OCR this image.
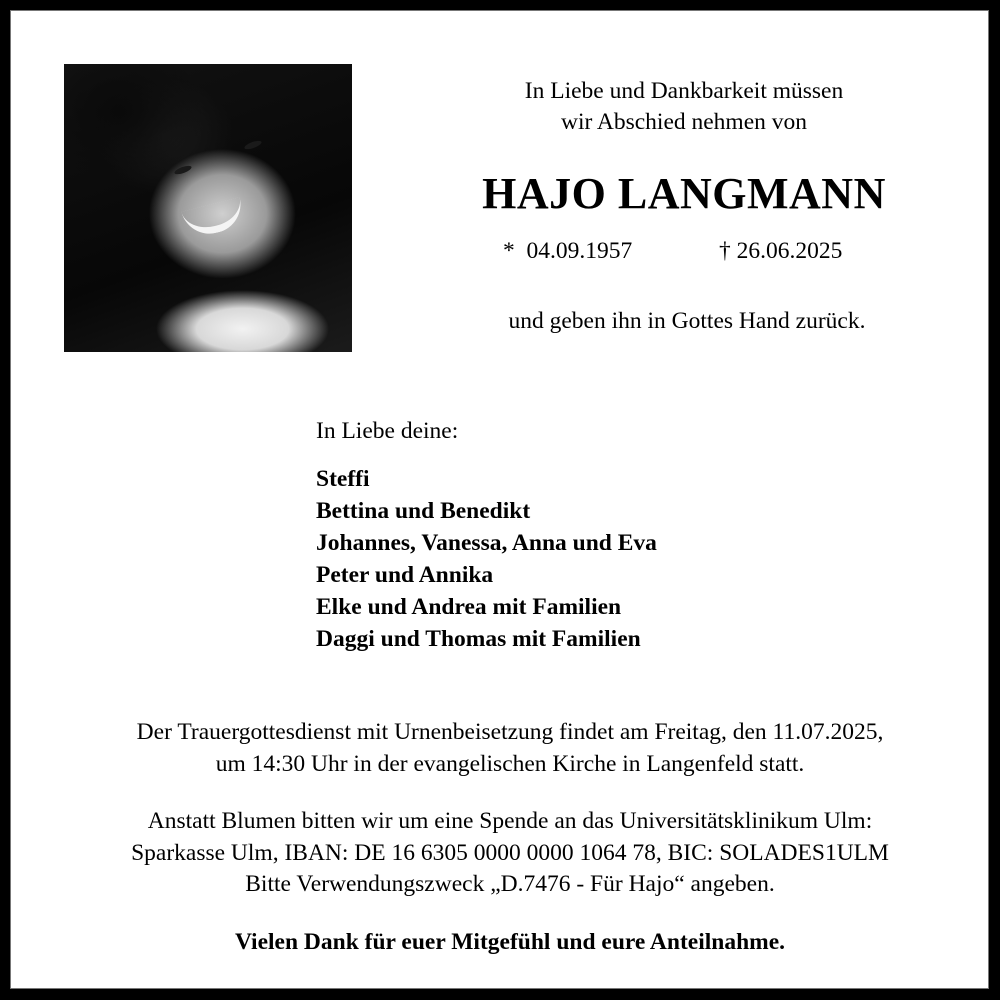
In Liebe und Dankbarkeit müssen
wir Abschied nehmen von
HAJO LANGMANN
* 04.09.1957	† 26.06.2025
und geben ihn in Gottes Hand zurück.
In Liebe deine:
Steffi
Bettina und Benedikt
Johannes, Vanessa, Anna und Eva
Peter und Annika
Elke und Andrea mit Familien
Daggi und Thomas mit Familien
Der Trauergottesdienst mit Urnenbeisetzung findet am Freitag, den 11.07.2025,
um 14:30 Uhr in der evangelischen Kirche in Langenfeld statt.
Anstatt Blumen bitten wir um eine Spende an das Universitätsklinikum Ulm:
Sparkasse Ulm, IBAN: DE 16 6305 0000 0000 1064 78, BIC: SOLADES1ULM
Bitte Verwendungszweck „D.7476 - Für Hajo“ angeben.
Vielen Dank für euer Mitgefühl und eure Anteilnahme.
